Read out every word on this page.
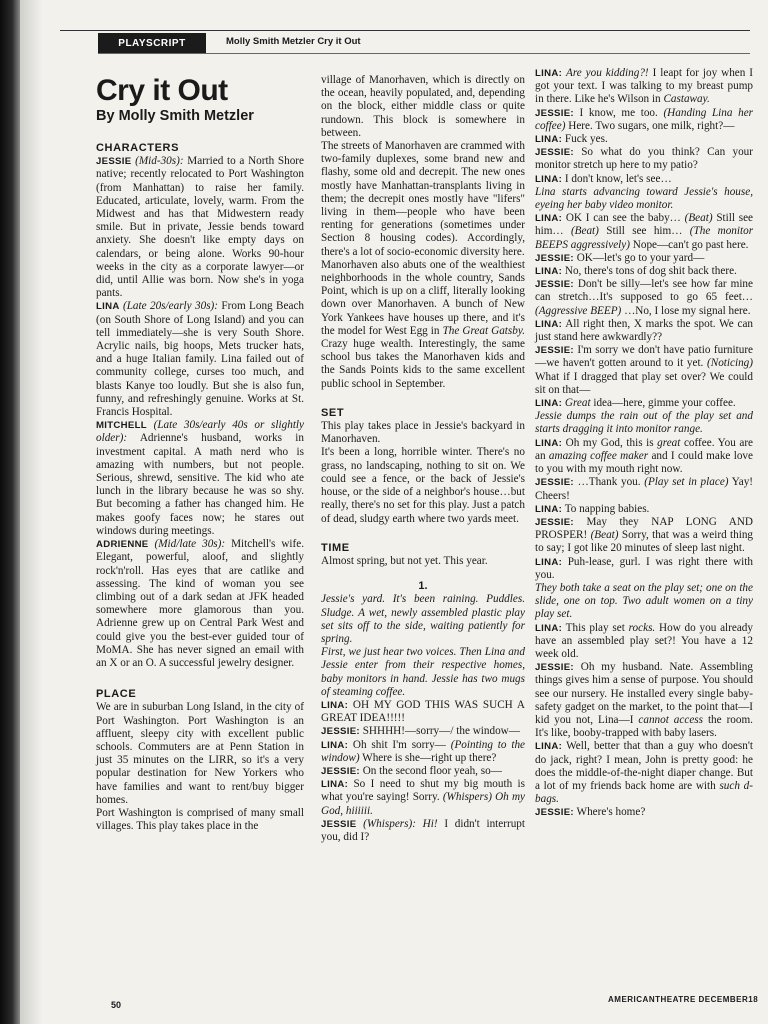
PLAYSCRIPT	Molly Smith Metzler Cry it Out
Cry it Out
By Molly Smith Metzler

CHARACTERS

JESSIE (Mid-30s): Married to a North Shore native; recently relocated to Port Washington (from Manhattan) to raise her family. Educated, articulate, lovely, warm. From the Midwest and has that Midwestern ready smile. But in private, Jessie bends toward anxiety. She doesn't like empty days on calendars, or being alone. Works 90-hour weeks in the city as a corporate lawyer—or did, until Allie was born. Now she's in yoga pants.

LINA (Late 20s/early 30s): From Long Beach (on South Shore of Long Island) and you can tell immediately—she is very South Shore. Acrylic nails, big hoops, Mets trucker hats, and a huge Italian family. Lina failed out of community college, curses too much, and blasts Kanye too loudly. But she is also fun, funny, and refreshingly genuine. Works at St. Francis Hospital.

MITCHELL (Late 30s/early 40s or slightly older): Adrienne's husband, works in investment capital. A math nerd who is amazing with numbers, but not people. Serious, shrewd, sensitive. The kid who ate lunch in the library because he was so shy. But becoming a father has changed him. He makes goofy faces now; he stares out windows during meetings.

ADRIENNE (Mid/late 30s): Mitchell's wife. Elegant, powerful, aloof, and slightly rock'n'roll. Has eyes that are catlike and assessing. The kind of woman you see climbing out of a dark sedan at JFK headed somewhere more glamorous than you. Adrienne grew up on Central Park West and could give you the best-ever guided tour of MoMA. She has never signed an email with an X or an O. A successful jewelry designer.

PLACE

We are in suburban Long Island, in the city of Port Washington. Port Washington is an affluent, sleepy city with excellent public schools. Commuters are at Penn Station in just 35 minutes on the LIRR, so it's a very popular destination for New Yorkers who have families and want to rent/buy bigger homes.

Port Washington is comprised of many small villages. This play takes place in the

village of Manorhaven, which is directly on the ocean, heavily populated, and, depending on the block, either middle class or quite rundown. This block is somewhere in between.

The streets of Manorhaven are crammed with two-family duplexes, some brand new and flashy, some old and decrepit. The new ones mostly have Manhattan-transplants living in them; the decrepit ones mostly have "lifers" living in them—people who have been renting for generations (sometimes under Section 8 housing codes). Accordingly, there's a lot of socio-economic diversity here.

Manorhaven also abuts one of the wealthiest neighborhoods in the whole country, Sands Point, which is up on a cliff, literally looking down over Manorhaven. A bunch of New York Yankees have houses up there, and it's the model for West Egg in The Great Gatsby. Crazy huge wealth. Interestingly, the same school bus takes the Manorhaven kids and the Sands Points kids to the same excellent public school in September.

SET

This play takes place in Jessie's backyard in Manorhaven.

It's been a long, horrible winter. There's no grass, no landscaping, nothing to sit on. We could see a fence, or the back of Jessie's house, or the side of a neighbor's house…but really, there's no set for this play. Just a patch of dead, sludgy earth where two yards meet.

TIME

Almost spring, but not yet. This year.

1.

Jessie's yard. It's been raining. Puddles. Sludge. A wet, newly assembled plastic play set sits off to the side, waiting patiently for spring.

First, we just hear two voices. Then Lina and Jessie enter from their respective homes, baby monitors in hand. Jessie has two mugs of steaming coffee.

LINA: OH MY GOD THIS WAS SUCH A GREAT IDEA!!!!!

JESSIE: SHHHH!—sorry—/ the window—

LINA: Oh shit I'm sorry— (Pointing to the window) Where is she—right up there?

JESSIE: On the second floor yeah, so—

LINA: So I need to shut my big mouth is what you're saying! Sorry. (Whispers) Oh my God, hiiiiii.

JESSIE (Whispers): Hi! I didn't interrupt you, did I?

LINA: Are you kidding?! I leapt for joy when I got your text. I was talking to my breast pump in there. Like he's Wilson in Castaway.

JESSIE: I know, me too. (Handing Lina her coffee) Here. Two sugars, one milk, right?—

LINA: Fuck yes.

JESSIE: So what do you think? Can your monitor stretch up here to my patio?

LINA: I don't know, let's see…

Lina starts advancing toward Jessie's house, eyeing her baby video monitor.

LINA: OK I can see the baby… (Beat) Still see him… (Beat) Still see him… (The monitor BEEPS aggressively) Nope—can't go past here.

JESSIE: OK—let's go to your yard—

LINA: No, there's tons of dog shit back there.

JESSIE: Don't be silly—let's see how far mine can stretch…It's supposed to go 65 feet… (Aggressive BEEP) …No, I lose my signal here.

LINA: All right then, X marks the spot. We can just stand here awkwardly??

JESSIE: I'm sorry we don't have patio furniture—we haven't gotten around to it yet. (Noticing) What if I dragged that play set over? We could sit on that—

LINA: Great idea—here, gimme your coffee.

Jessie dumps the rain out of the play set and starts dragging it into monitor range.

LINA: Oh my God, this is great coffee. You are an amazing coffee maker and I could make love to you with my mouth right now.

JESSIE: …Thank you. (Play set in place) Yay! Cheers!

LINA: To napping babies.

JESSIE: May they NAP LONG AND PROSPER! (Beat) Sorry, that was a weird thing to say; I got like 20 minutes of sleep last night.

LINA: Puh-lease, gurl. I was right there with you.

They both take a seat on the play set; one on the slide, one on top. Two adult women on a tiny play set.

LINA: This play set rocks. How do you already have an assembled play set?! You have a 12 week old.

JESSIE: Oh my husband. Nate. Assembling things gives him a sense of purpose. You should see our nursery. He installed every single baby-safety gadget on the market, to the point that—I kid you not, Lina—I cannot access the room. It's like, booby-trapped with baby lasers.

LINA: Well, better that than a guy who doesn't do jack, right? I mean, John is pretty good: he does the middle-of-the-night diaper change. But a lot of my friends back home are with such d-bags.

JESSIE: Where's home?

50
AMERICANTHEATRE DECEMBER18
